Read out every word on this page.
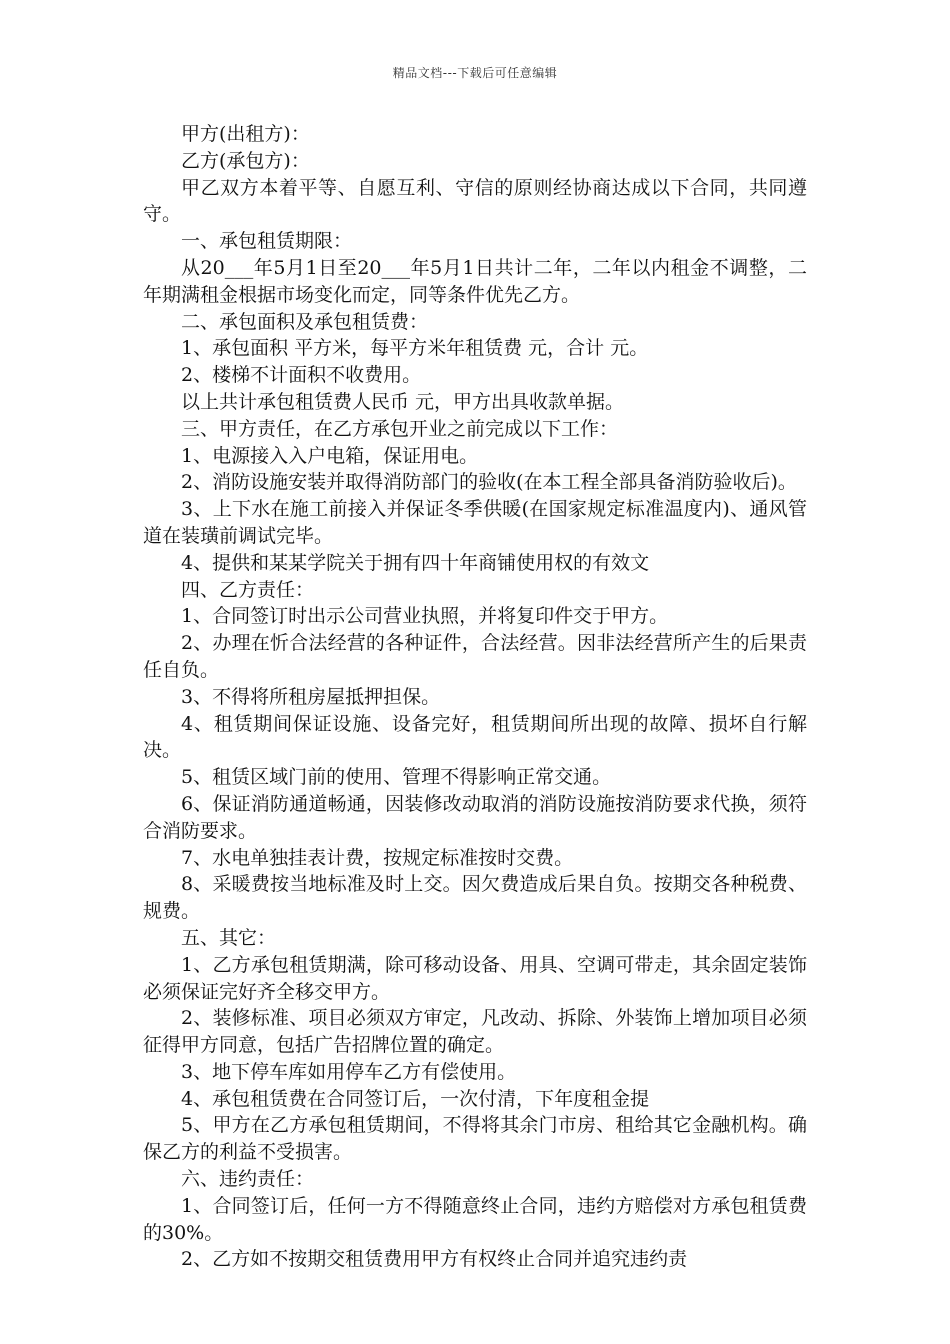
精品文档---下载后可任意编辑

甲方(出租方)：

乙方(承包方)：

甲乙双方本着平等、自愿互利、守信的原则经协商达成以下合同，共同遵守。

一、承包租赁期限：

从20___年5月1日至20___年5月1日共计二年，二年以内租金不调整，二年期满租金根据市场变化而定，同等条件优先乙方。

二、承包面积及承包租赁费：

1、承包面积 平方米，每平方米年租赁费 元，合计 元。

2、楼梯不计面积不收费用。

以上共计承包租赁费人民币 元，甲方出具收款单据。

三、甲方责任，在乙方承包开业之前完成以下工作：

1、电源接入入户电箱，保证用电。

2、消防设施安装并取得消防部门的验收(在本工程全部具备消防验收后)。

3、上下水在施工前接入并保证冬季供暖(在国家规定标准温度内)、通风管道在装璜前调试完毕。

4、提供和某某学院关于拥有四十年商铺使用权的有效文

四、乙方责任：

1、合同签订时出示公司营业执照，并将复印件交于甲方。

2、办理在忻合法经营的各种证件，合法经营。因非法经营所产生的后果责任自负。

3、不得将所租房屋抵押担保。

4、租赁期间保证设施、设备完好，租赁期间所出现的故障、损坏自行解决。

5、租赁区域门前的使用、管理不得影响正常交通。

6、保证消防通道畅通，因装修改动取消的消防设施按消防要求代换，须符合消防要求。

7、水电单独挂表计费，按规定标准按时交费。

8、采暖费按当地标准及时上交。因欠费造成后果自负。按期交各种税费、规费。

五、其它：

1、乙方承包租赁期满，除可移动设备、用具、空调可带走，其余固定装饰必须保证完好齐全移交甲方。

2、装修标准、项目必须双方审定，凡改动、拆除、外装饰上增加项目必须征得甲方同意，包括广告招牌位置的确定。

3、地下停车库如用停车乙方有偿使用。

4、承包租赁费在合同签订后，一次付清，下年度租金提

5、甲方在乙方承包租赁期间，不得将其余门市房、租给其它金融机构。确保乙方的利益不受损害。

六、违约责任：

1、合同签订后，任何一方不得随意终止合同，违约方赔偿对方承包租赁费的30%。

2、乙方如不按期交租赁费用甲方有权终止合同并追究违约责
